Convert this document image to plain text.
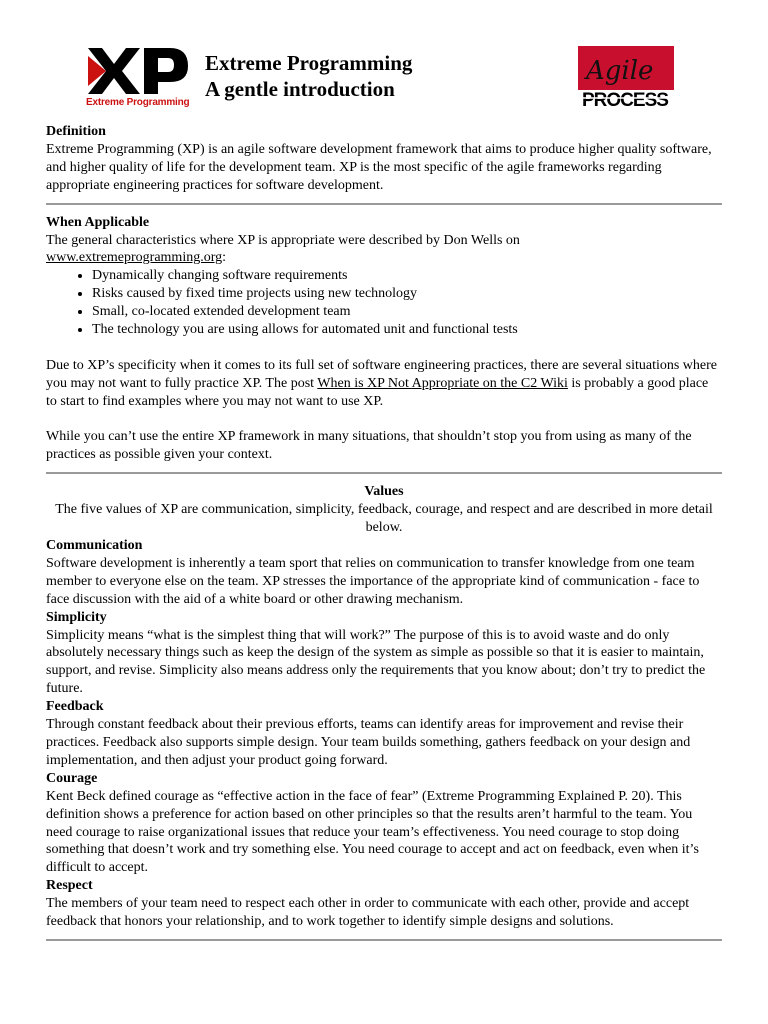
Extreme Programming
Extreme Programming
A gentle introduction
Agile
PROCESS

Definition

Extreme Programming (XP) is an agile software development framework that aims to produce higher quality software, and higher quality of life for the development team. XP is the most specific of the agile frameworks regarding appropriate engineering practices for software development.

When Applicable

The general characteristics where XP is appropriate were described by Don Wells on
www.extremeprogramming.org:

• Dynamically changing software requirements
• Risks caused by fixed time projects using new technology
• Small, co-located extended development team
• The technology you are using allows for automated unit and functional tests

Due to XP’s specificity when it comes to its full set of software engineering practices, there are several situations where you may not want to fully practice XP. The post When is XP Not Appropriate on the C2 Wiki is probably a good place to start to find examples where you may not want to use XP.

While you can’t use the entire XP framework in many situations, that shouldn’t stop you from using as many of the practices as possible given your context.

Values

The five values of XP are communication, simplicity, feedback, courage, and respect and are described in more detail below.

Communication

Software development is inherently a team sport that relies on communication to transfer knowledge from one team member to everyone else on the team. XP stresses the importance of the appropriate kind of communication - face to face discussion with the aid of a white board or other drawing mechanism.

Simplicity

Simplicity means “what is the simplest thing that will work?” The purpose of this is to avoid waste and do only absolutely necessary things such as keep the design of the system as simple as possible so that it is easier to maintain, support, and revise. Simplicity also means address only the requirements that you know about; don’t try to predict the future.

Feedback

Through constant feedback about their previous efforts, teams can identify areas for improvement and revise their practices. Feedback also supports simple design. Your team builds something, gathers feedback on your design and implementation, and then adjust your product going forward.

Courage

Kent Beck defined courage as “effective action in the face of fear” (Extreme Programming Explained P. 20). This definition shows a preference for action based on other principles so that the results aren’t harmful to the team. You need courage to raise organizational issues that reduce your team’s effectiveness. You need courage to stop doing something that doesn’t work and try something else. You need courage to accept and act on feedback, even when it’s difficult to accept.

Respect

The members of your team need to respect each other in order to communicate with each other, provide and accept feedback that honors your relationship, and to work together to identify simple designs and solutions.
